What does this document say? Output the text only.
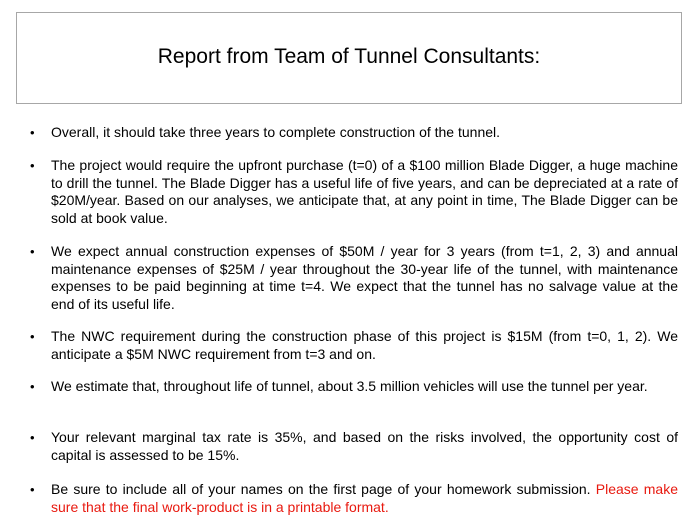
Report from Team of Tunnel Consultants:
• Overall, it should take three years to complete construction of the tunnel.

• The project would require the upfront purchase (t=0) of a $100 million Blade Digger, a huge machine to drill the tunnel. The Blade Digger has a useful life of five years, and can be depreciated at a rate of $20M/year. Based on our analyses, we anticipate that, at any point in time, The Blade Digger can be sold at book value.

• We expect annual construction expenses of $50M / year for 3 years (from t=1, 2, 3) and annual maintenance expenses of $25M / year throughout the 30-year life of the tunnel, with maintenance expenses to be paid beginning at time t=4. We expect that the tunnel has no salvage value at the end of its useful life.

• The NWC requirement during the construction phase of this project is $15M (from t=0, 1, 2). We anticipate a $5M NWC requirement from t=3 and on.

• We estimate that, throughout life of tunnel, about 3.5 million vehicles will use the tunnel per year.

• Your relevant marginal tax rate is 35%, and based on the risks involved, the opportunity cost of capital is assessed to be 15%.

• Be sure to include all of your names on the first page of your homework submission. Please make sure that the final work-product is in a printable format.
